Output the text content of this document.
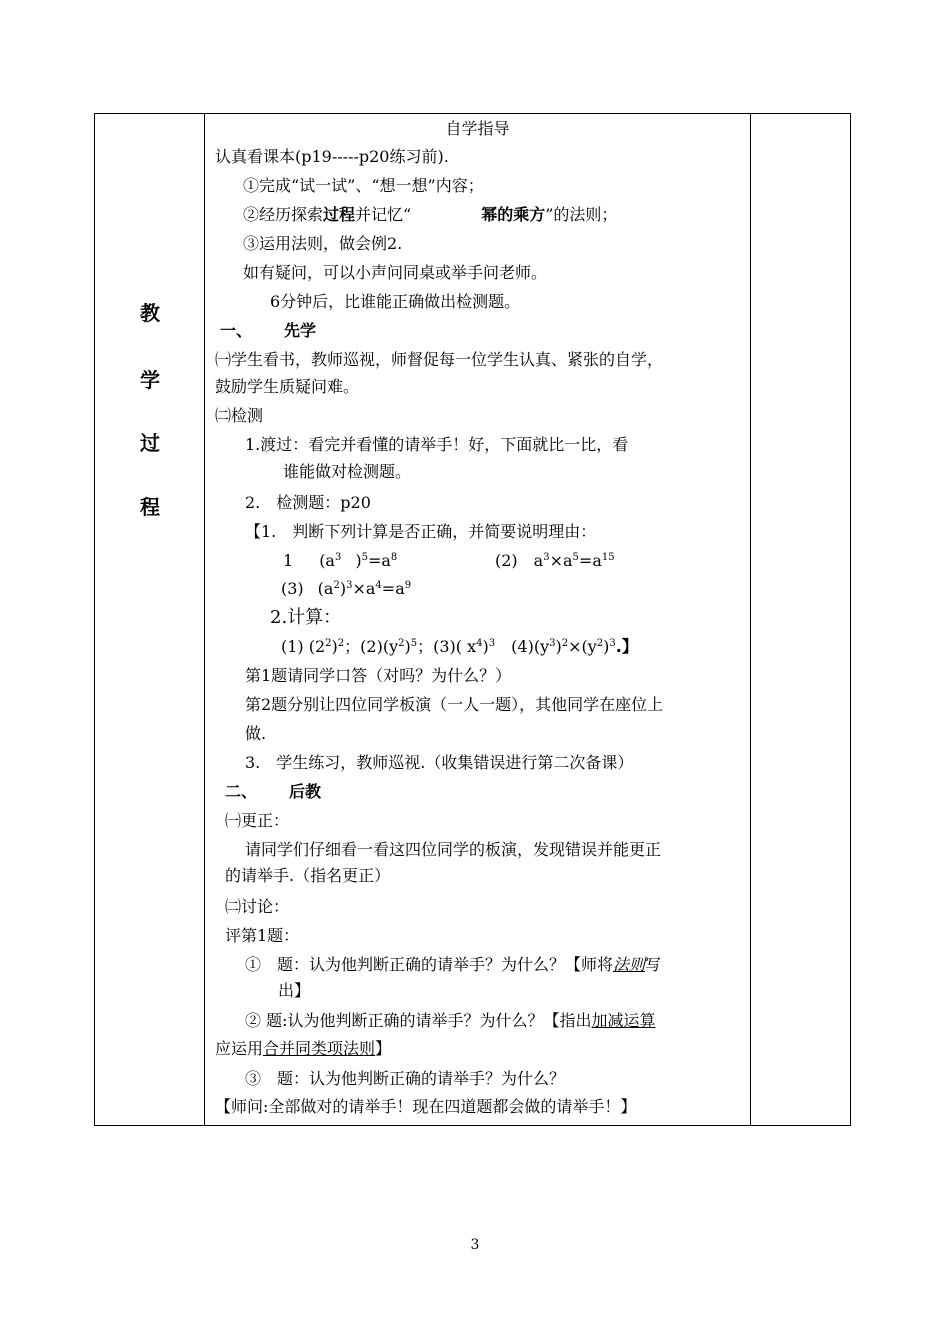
教
学
过
程
自学指导
认真看课本(p19-----p20练习前).
①完成“试一试”、“想一想”内容；
②经历探索过程并记忆“	幂的乘方”的法则；
③运用法则，做会例2.
如有疑问，可以小声问同桌或举手问老师。
6分钟后，比谁能正确做出检测题。
一、 先学
㈠学生看书，教师巡视，师督促每一位学生认真、紧张的自学，
鼓励学生质疑问难。
㈡检测
1.渡过：看完并看懂的请举手！好，下面就比一比，看
谁能做对检测题。
2.　检测题：p20
【1.　判断下列计算是否正确，并简要说明理由：
1 ($a^3$ )$^5=a^8$	(2) $a^3\times a^5=a^{15}$
(3) $(a^2)^3\times a^4=a^9$
2.计算：
(1) $(2^2)^2$；$(2)(y^2)^5$；(3)( $x^4)^3$　$(4)(y^3)^2\times(y^2)^3$.】
第1题请同学口答（对吗？为什么？）
第2题分别让四位同学板演（一人一题），其他同学在座位上
做.
3.　学生练习，教师巡视.（收集错误进行第二次备课）
二、 后教
㈠更正：
请同学们仔细看一看这四位同学的板演，发现错误并能更正
的请举手.（指名更正）
㈡讨论：
评第1题：
①　题：认为他判断正确的请举手？为什么？【师将法则写
出】
② 题:认为他判断正确的请举手？为什么？【指出加减运算
应运用合并同类项法则】
③　题：认为他判断正确的请举手？为什么？
【师问:全部做对的请举手！现在四道题都会做的请举手！】
3
